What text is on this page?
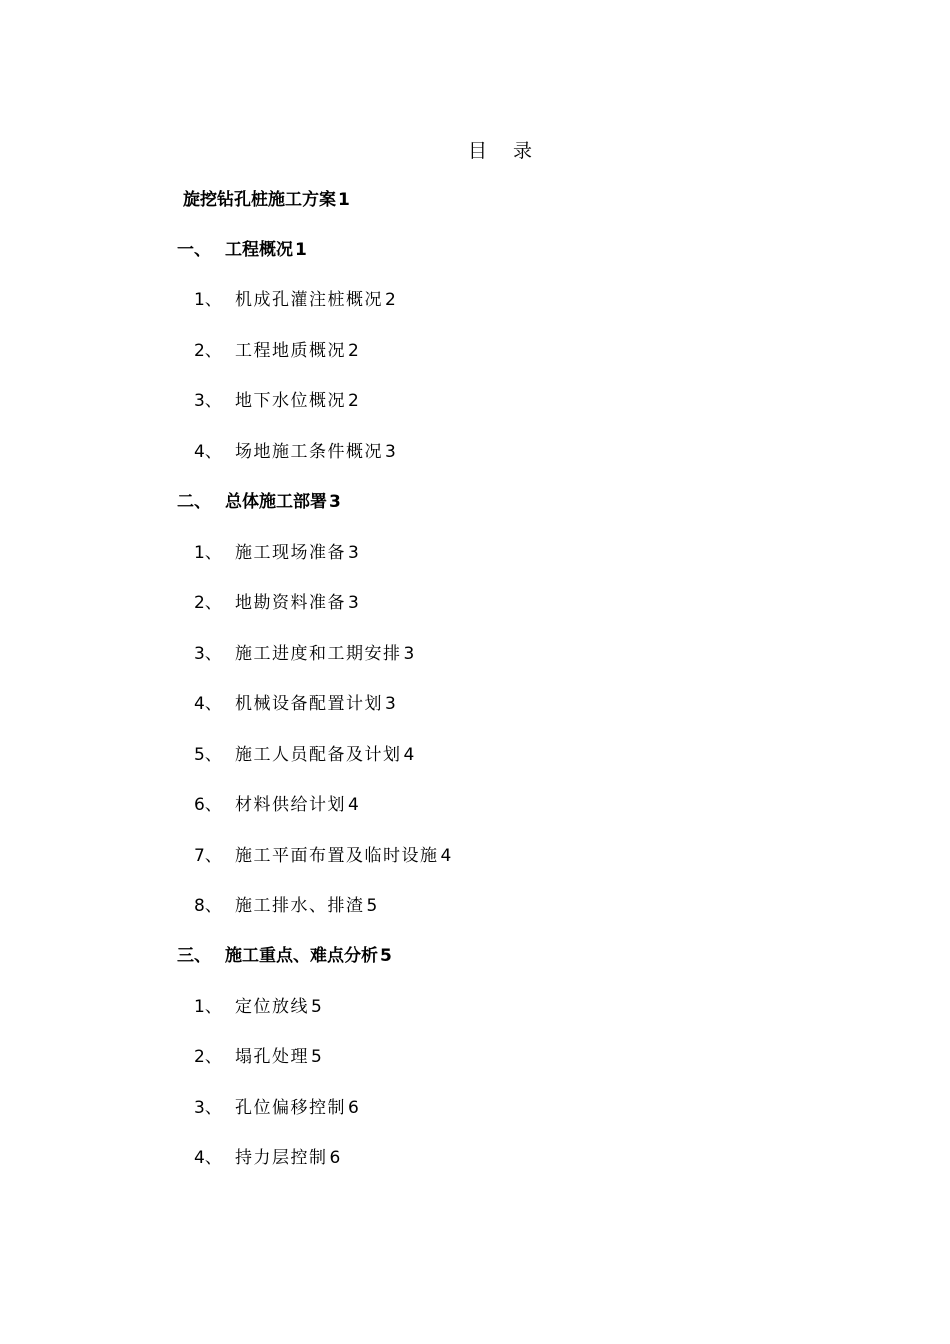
目 录
旋挖钻孔桩施工方案 1
一、 工程概况 1
1、 机成孔灌注桩概况 2
2、 工程地质概况 2
3、 地下水位概况 2
4、 场地施工条件概况 3
二、 总体施工部署 3
1、 施工现场准备 3
2、 地勘资料准备 3
3、 施工进度和工期安排 3
4、 机械设备配置计划 3
5、 施工人员配备及计划 4
6、 材料供给计划 4
7、 施工平面布置及临时设施 4
8、 施工排水、排渣 5
三、 施工重点、难点分析 5
1、 定位放线 5
2、 塌孔处理 5
3、 孔位偏移控制 6
4、 持力层控制 6
